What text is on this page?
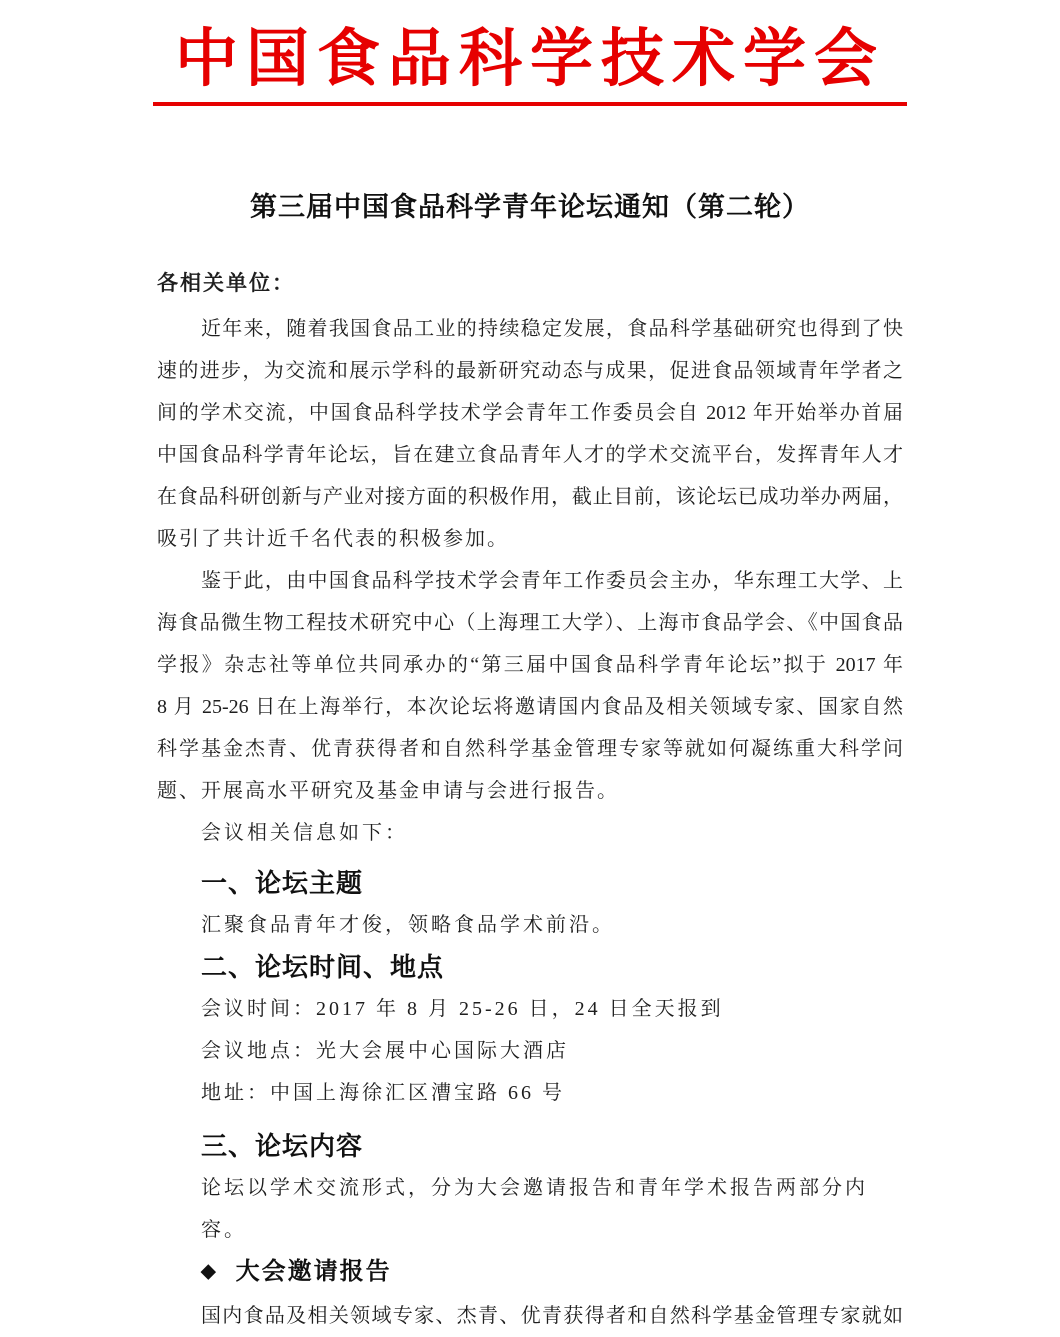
中国食品科学技术学会
第三届中国食品科学青年论坛通知（第二轮）

各相关单位：

近年来，随着我国食品工业的持续稳定发展，食品科学基础研究也得到了快
速的进步，为交流和展示学科的最新研究动态与成果，促进食品领域青年学者之
间的学术交流，中国食品科学技术学会青年工作委员会自 2012 年开始举办首届
中国食品科学青年论坛，旨在建立食品青年人才的学术交流平台，发挥青年人才
在食品科研创新与产业对接方面的积极作用，截止目前，该论坛已成功举办两届，
吸引了共计近千名代表的积极参加。
鉴于此，由中国食品科学技术学会青年工作委员会主办，华东理工大学、上
海食品微生物工程技术研究中心（上海理工大学）、上海市食品学会、《中国食品
学报》杂志社等单位共同承办的“第三届中国食品科学青年论坛”拟于 2017 年
8 月 25-26 日在上海举行，本次论坛将邀请国内食品及相关领域专家、国家自然
科学基金杰青、优青获得者和自然科学基金管理专家等就如何凝练重大科学问
题、开展高水平研究及基金申请与会进行报告。
会议相关信息如下：
一、论坛主题
汇聚食品青年才俊，领略食品学术前沿。
二、论坛时间、地点
会议时间：2017 年 8 月 25-26 日，24 日全天报到
会议地点：光大会展中心国际大酒店
地址：中国上海徐汇区漕宝路 66 号
三、论坛内容
论坛以学术交流形式，分为大会邀请报告和青年学术报告两部分内容。
◆ 大会邀请报告
国内食品及相关领域专家、杰青、优青获得者和自然科学基金管理专家就如
